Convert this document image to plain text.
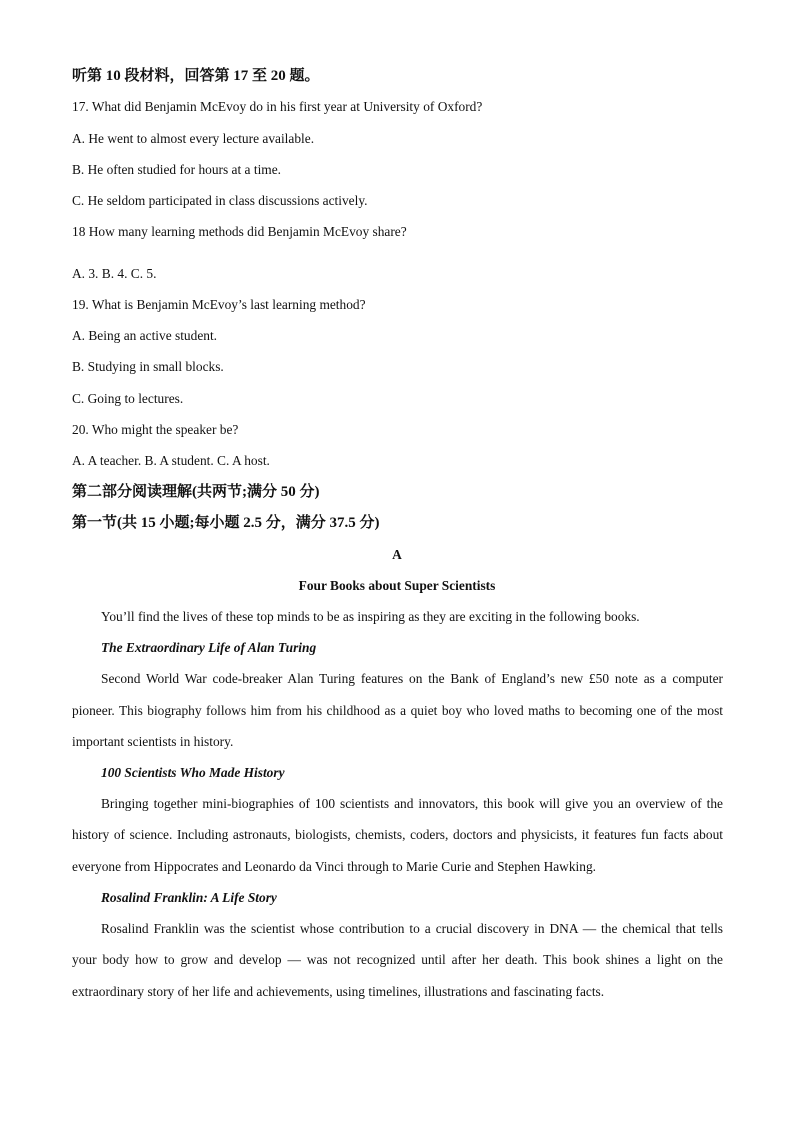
听第 10 段材料，回答第 17 至 20 题。
17. What did Benjamin McEvoy do in his first year at University of Oxford?
A. He went to almost every lecture available.
B. He often studied for hours at a time.
C. He seldom participated in class discussions actively.
18 How many learning methods did Benjamin McEvoy share?
A. 3. B. 4. C. 5.
19. What is Benjamin McEvoy’s last learning method?
A. Being an active student.
B. Studying in small blocks.
C. Going to lectures.
20. Who might the speaker be?
A. A teacher. B. A student. C. A host.
第二部分阅读理解(共两节;满分 50 分)
第一节(共 15 小题;每小题 2.5 分，满分 37.5 分)
A
Four Books about Super Scientists
You’ll find the lives of these top minds to be as inspiring as they are exciting in the following books.
The Extraordinary Life of Alan Turing
Second World War code-breaker Alan Turing features on the Bank of England’s new £50 note as a computer
pioneer. This biography follows him from his childhood as a quiet boy who loved maths to becoming one of the most
important scientists in history.
100 Scientists Who Made History
Bringing together mini-biographies of 100 scientists and innovators, this book will give you an overview of the
history of science. Including astronauts, biologists, chemists, coders, doctors and physicists, it features fun facts about
everyone from Hippocrates and Leonardo da Vinci through to Marie Curie and Stephen Hawking.
Rosalind Franklin: A Life Story
Rosalind Franklin was the scientist whose contribution to a crucial discovery in DNA — the chemical that tells
your body how to grow and develop — was not recognized until after her death. This book shines a light on the
extraordinary story of her life and achievements, using timelines, illustrations and fascinating facts.
